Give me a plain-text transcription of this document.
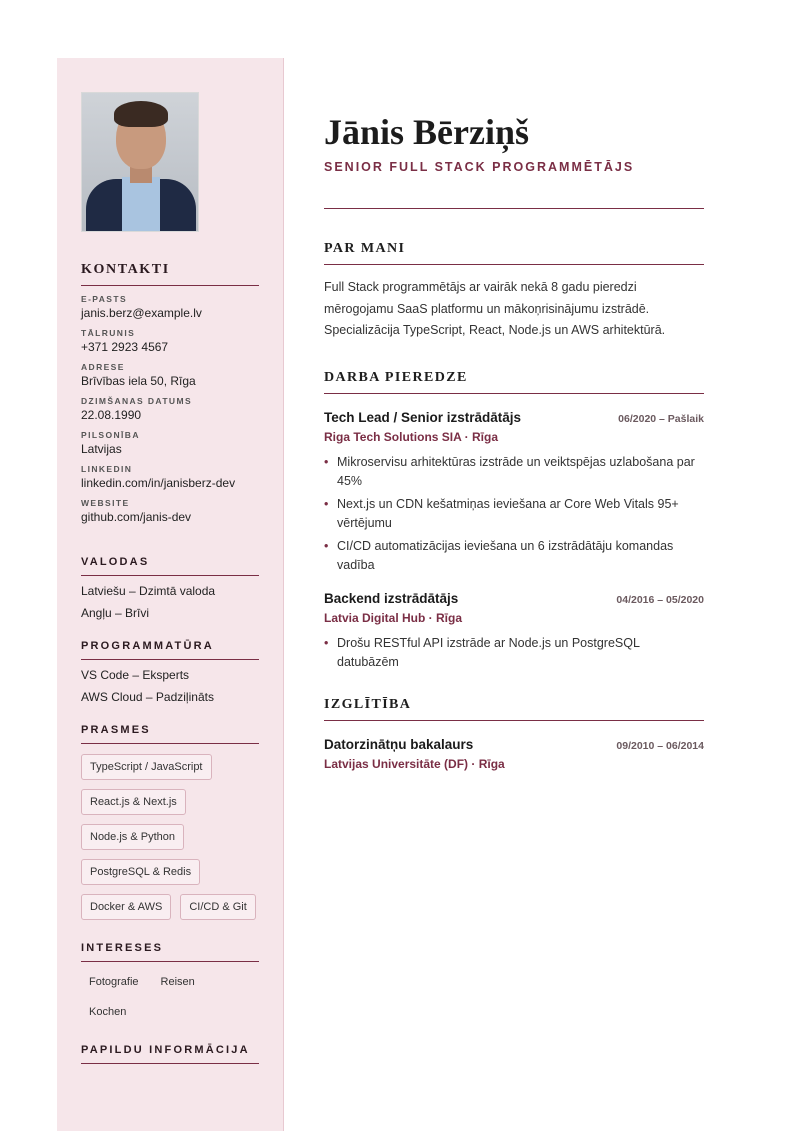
KONTAKTI
E-PASTS
janis.berz@example.lv
TĀLRUNIS
+371 2923 4567
ADRESE
Brīvības iela 50, Rīga
DZIMŠANAS DATUMS
22.08.1990
PILSONĪBA
Latvijas
LINKEDIN
linkedin.com/in/janisberz-dev
WEBSITE
github.com/janis-dev
VALODAS
Latviešu – Dzimtā valoda
Angļu – Brīvi
PROGRAMMATŪRA
VS Code – Eksperts
AWS Cloud – Padziļināts
PRASMES
TypeScript / JavaScript
React.js & Next.js
Node.js & Python
PostgreSQL & Redis
Docker & AWS	CI/CD & Git
INTERESES
Fotografie	Reisen
Kochen
PAPILDU INFORMĀCIJA
Jānis Bērziņš
SENIOR FULL STACK PROGRAMMĒTĀJS
PAR MANI

Full Stack programmētājs ar vairāk nekā 8 gadu pieredzi mērogojamu SaaS platformu un mākoņrisinājumu izstrādē. Specializācija TypeScript, React, Node.js un AWS arhitektūrā.

DARBA PIEREDZE
Tech Lead / Senior izstrādātājs	06/2020 – Pašlaik
Riga Tech Solutions SIA · Rīga
• Mikroservisu arhitektūras izstrāde un veiktspējas uzlabošana par 45%
• Next.js un CDN kešatmiņas ieviešana ar Core Web Vitals 95+ vērtējumu
• CI/CD automatizācijas ieviešana un 6 izstrādātāju komandas vadība
Backend izstrādātājs	04/2016 – 05/2020
Latvia Digital Hub · Rīga
• Drošu RESTful API izstrāde ar Node.js un PostgreSQL datubāzēm
IZGLĪTĪBA
Datorzinātņu bakalaurs	09/2010 – 06/2014
Latvijas Universitāte (DF) · Rīga
